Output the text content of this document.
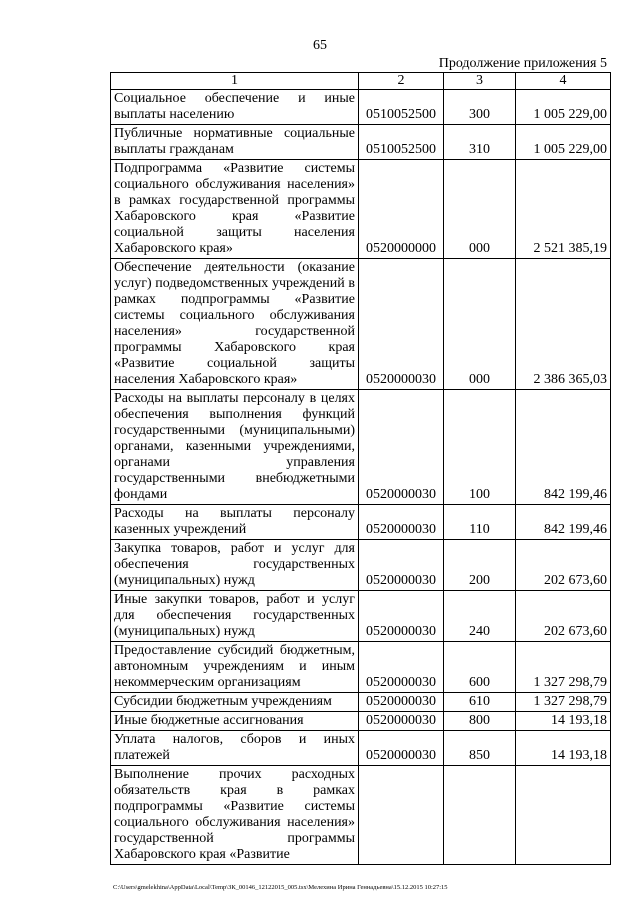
65
Продолжение приложения 5
1	2	3	4
Социальное обеспечение и иные выплаты населению	0510052500	300	1 005 229,00
Публичные нормативные социальные выплаты гражданам	0510052500	310	1 005 229,00
Подпрограмма «Развитие системы социального обслуживания населения» в рамках государственной программы Хабаровского края «Развитие социальной защиты населения Хабаровского края»	0520000000	000	2 521 385,19
Обеспечение деятельности (оказание услуг) подведомственных учреждений в рамках подпрограммы «Развитие системы социального обслуживания населения» государственной программы Хабаровского края «Развитие социальной защиты населения Хабаровского края»	0520000030	000	2 386 365,03
Расходы на выплаты персоналу в целях обеспечения выполнения функций государственными (муниципальными) органами, казенными учреждениями, органами управления государственными внебюджетными фондами	0520000030	100	842 199,46
Расходы на выплаты персоналу казенных учреждений	0520000030	110	842 199,46
Закупка товаров, работ и услуг для обеспечения государственных (муниципальных) нужд	0520000030	200	202 673,60
Иные закупки товаров, работ и услуг для обеспечения государственных (муниципальных) нужд	0520000030	240	202 673,60
Предоставление субсидий бюджетным, автономным учреждениям и иным некоммерческим организациям	0520000030	600	1 327 298,79
Субсидии бюджетным учреждениям	0520000030	610	1 327 298,79
Иные бюджетные ассигнования	0520000030	800	14 193,18
Уплата налогов, сборов и иных платежей	0520000030	850	14 193,18
Выполнение прочих расходных обязательств края в рамках подпрограммы «Развитие системы социального обслуживания населения» государственной программы Хабаровского края «Развитие			
C:\Users\gmelekhina\AppData\Local\Temp\ЗК_00146_12122015_005.tsx\Мелехина Ирина Геннадьевна\15.12.2015 10:27:15
